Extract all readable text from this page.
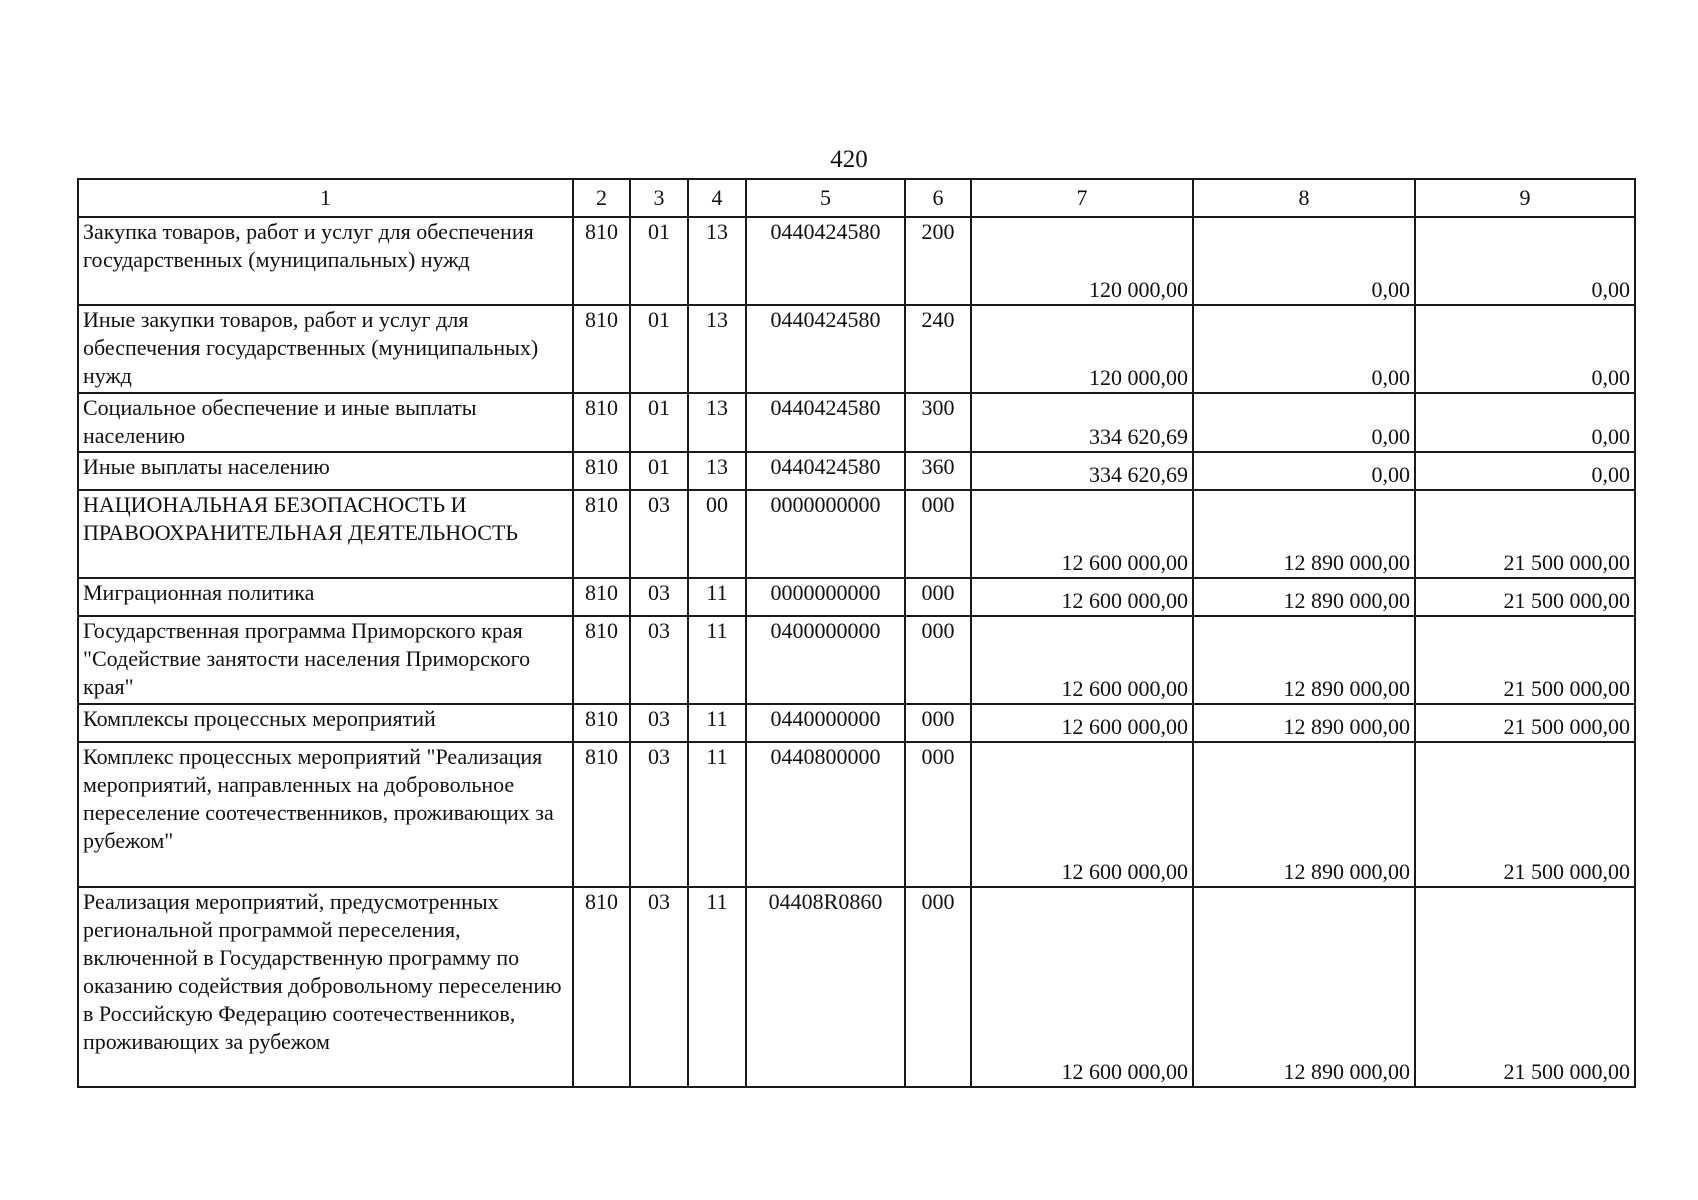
420
1	2	3	4	5	6	7	8	9
Закупка товаров, работ и услуг для обеспечения государственных (муниципальных) нужд	810	01	13	0440424580	200	120 000,00	0,00	0,00
Иные закупки товаров, работ и услуг для обеспечения государственных (муниципальных) нужд	810	01	13	0440424580	240	120 000,00	0,00	0,00
Социальное обеспечение и иные выплаты населению	810	01	13	0440424580	300	334 620,69	0,00	0,00
Иные выплаты населению	810	01	13	0440424580	360	334 620,69	0,00	0,00
НАЦИОНАЛЬНАЯ БЕЗОПАСНОСТЬ И ПРАВООХРАНИТЕЛЬНАЯ ДЕЯТЕЛЬНОСТЬ	810	03	00	0000000000	000	12 600 000,00	12 890 000,00	21 500 000,00
Миграционная политика	810	03	11	0000000000	000	12 600 000,00	12 890 000,00	21 500 000,00
Государственная программа Приморского края "Содействие занятости населения Приморского края"	810	03	11	0400000000	000	12 600 000,00	12 890 000,00	21 500 000,00
Комплексы процессных мероприятий	810	03	11	0440000000	000	12 600 000,00	12 890 000,00	21 500 000,00
Комплекс процессных мероприятий "Реализация мероприятий, направленных на добровольное переселение соотечественников, проживающих за рубежом"	810	03	11	0440800000	000	12 600 000,00	12 890 000,00	21 500 000,00
Реализация мероприятий, предусмотренных региональной программой переселения, включенной в Государственную программу по оказанию содействия добровольному переселению в Российскую Федерацию соотечественников, проживающих за рубежом	810	03	11	04408R0860	000	12 600 000,00	12 890 000,00	21 500 000,00
